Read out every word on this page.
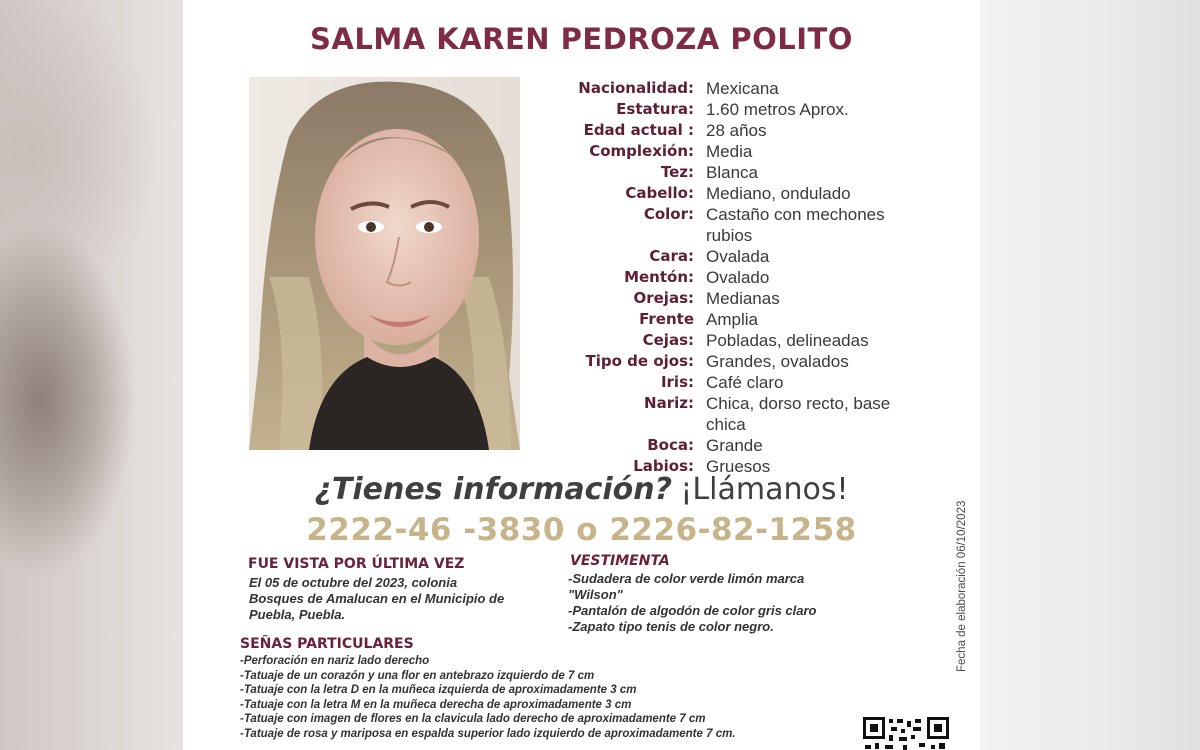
SALMA KAREN PEDROZA POLITO
Nacionalidad: Mexicana
Estatura: 1.60 metros Aprox.
Edad actual : 28 años
Complexión: Media
Tez: Blanca
Cabello: Mediano, ondulado
Color: Castaño con mechones rubios
Cara: Ovalada
Mentón: Ovalado
Orejas: Medianas
Frente Amplia
Cejas: Pobladas, delineadas
Tipo de ojos: Grandes, ovalados
Iris: Café claro
Nariz: Chica, dorso recto, base chica
Boca: Grande
Labios: Gruesos
¿Tienes información? ¡Llámanos!
2222-46 -3830 o 2226-82-1258
FUE VISTA POR ÚLTIMA VEZ
El 05 de octubre del 2023, colonia
Bosques de Amalucan en el Municipio de
Puebla, Puebla.
VESTIMENTA
-Sudadera de color verde limón marca
"Wilson"
-Pantalón de algodón de color gris claro
-Zapato tipo tenis de color negro.
SEÑAS PARTICULARES
-Perforación en nariz lado derecho
-Tatuaje de un corazón y una flor en antebrazo izquierdo de 7 cm
-Tatuaje con la letra D en la muñeca izquierda de aproximadamente 3 cm
-Tatuaje con la letra M en la muñeca derecha de aproximadamente 3 cm
-Tatuaje con imagen de flores en la clavicula lado derecho de aproximadamente 7 cm
-Tatuaje de rosa y mariposa en espalda superior lado izquierdo de aproximadamente 7 cm.
Fecha de elaboración 06/10/2023
